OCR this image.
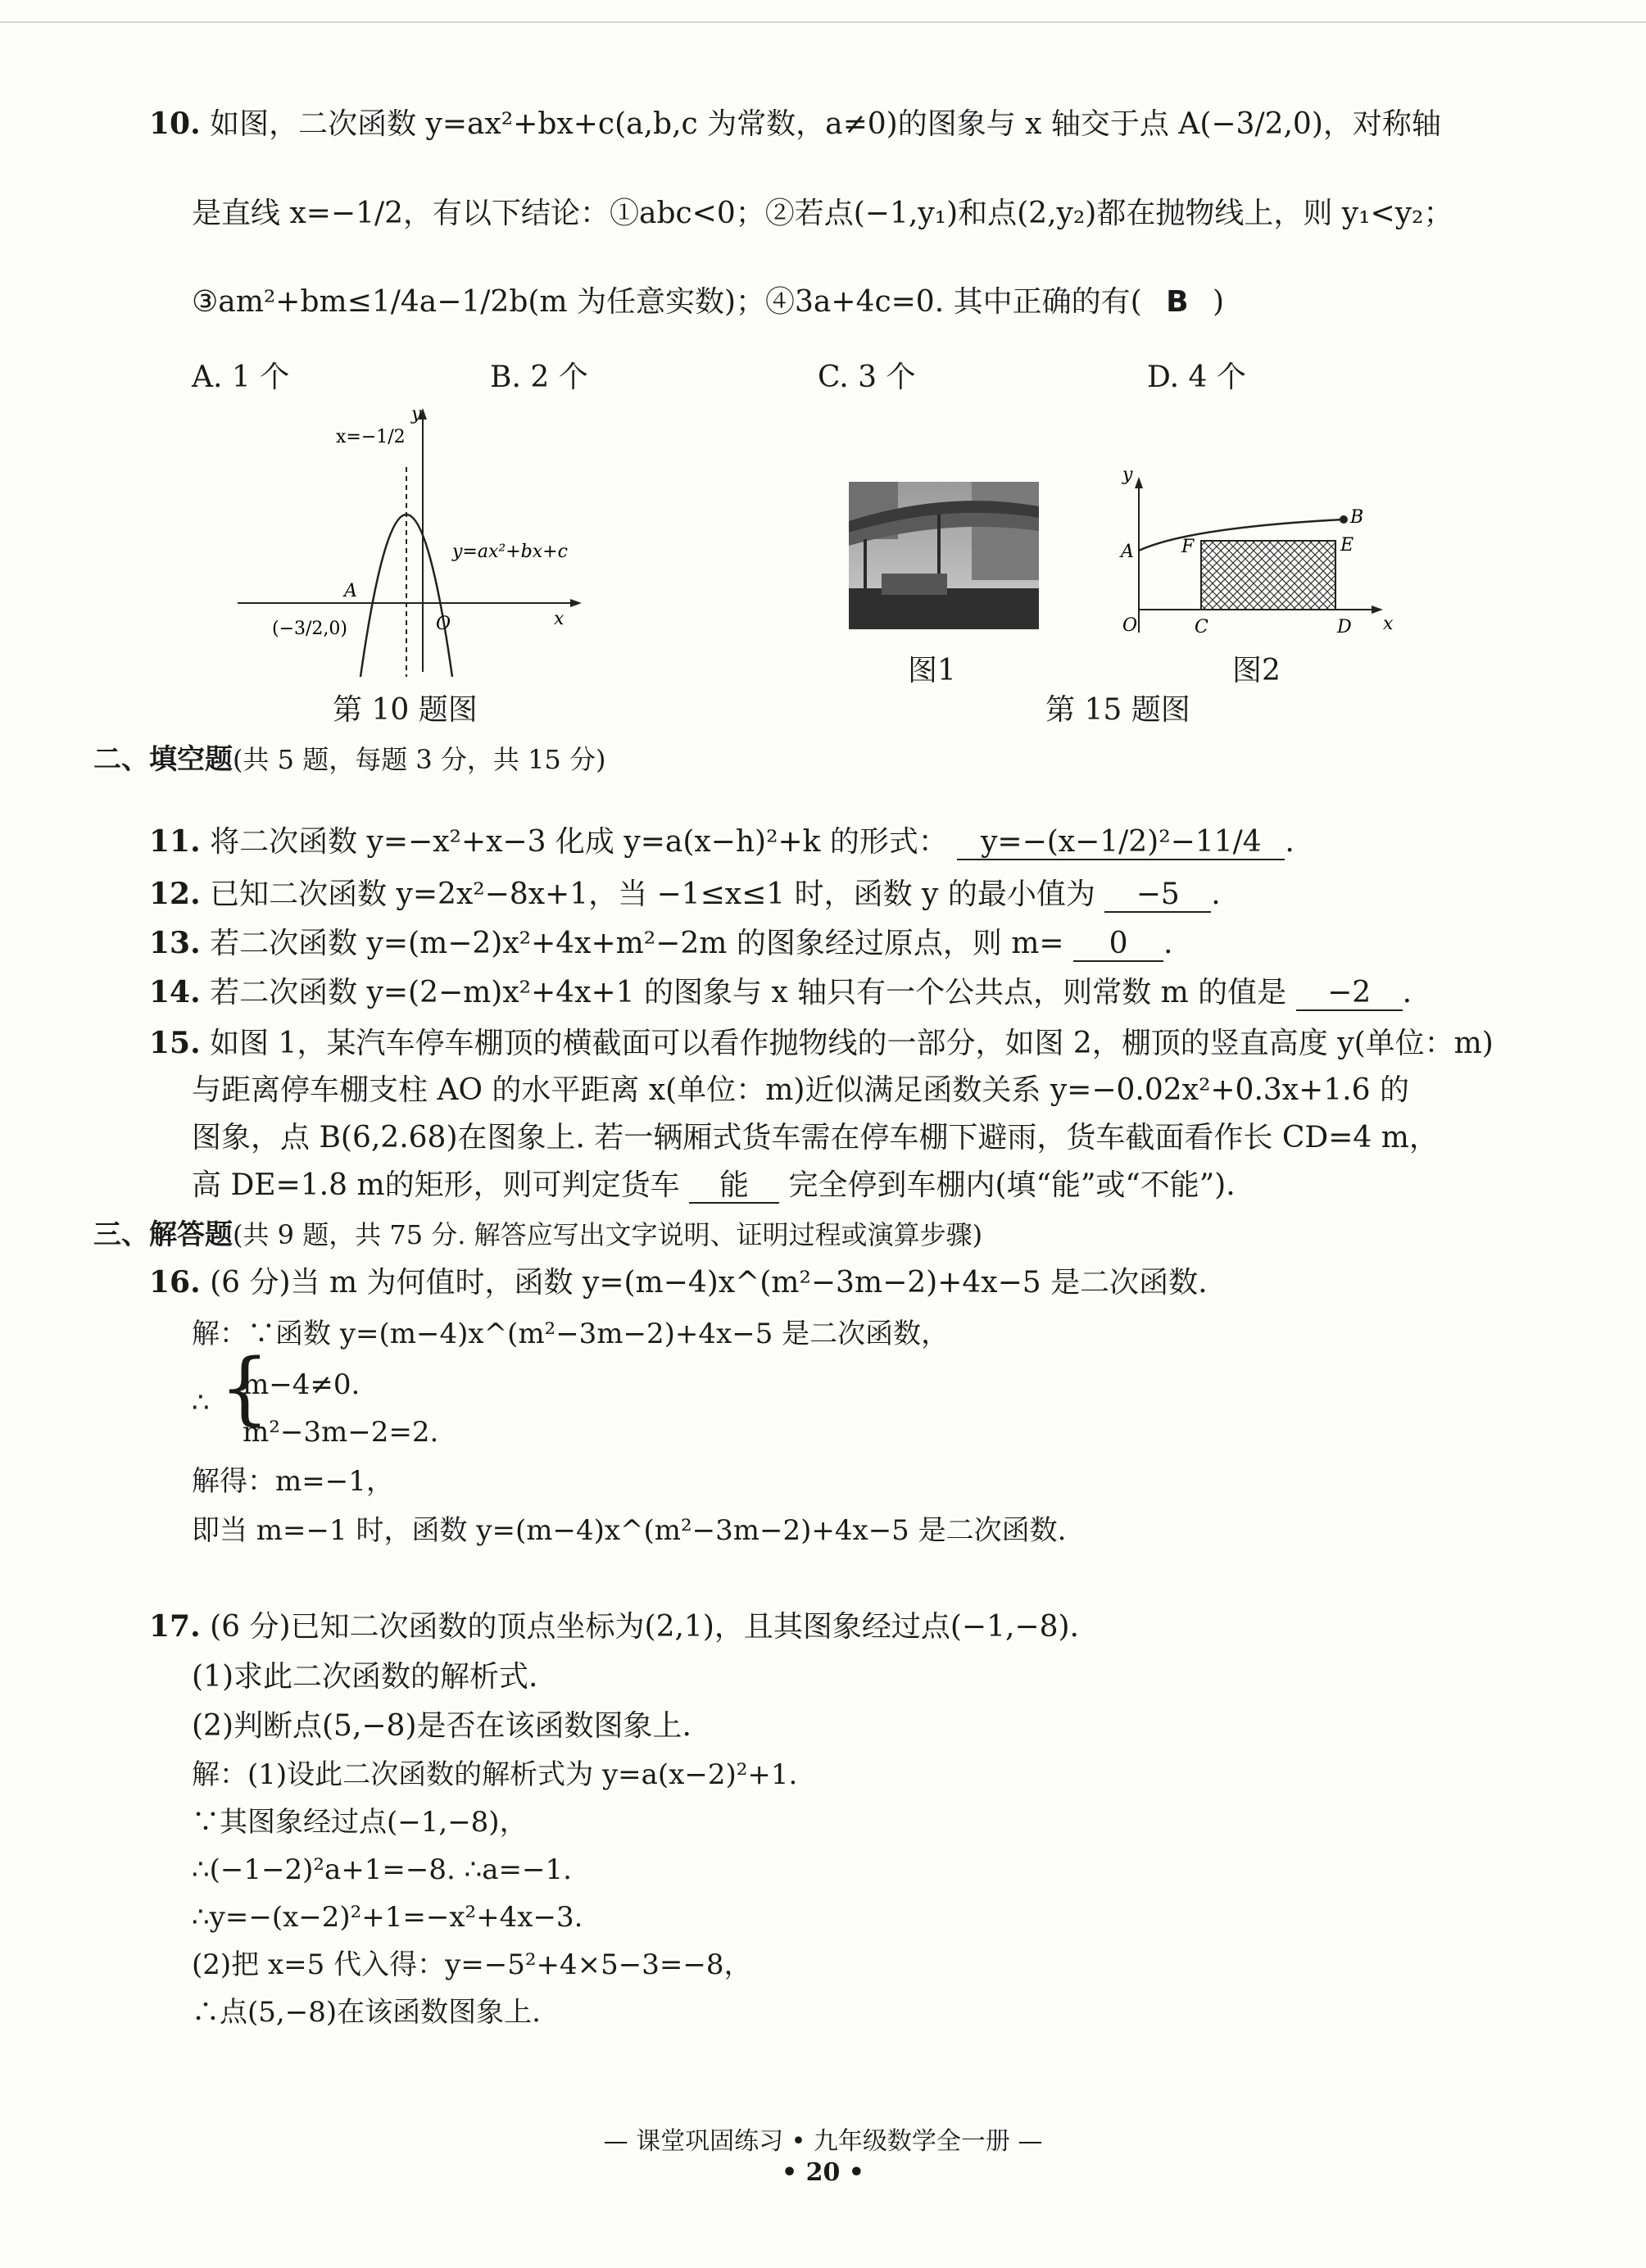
10. 如图，二次函数 y=ax²+bx+c(a,b,c 为常数，a≠0)的图象与 x 轴交于点 A(−3/2,0)，对称轴
是直线 x=−1/2，有以下结论：①abc<0；②若点(−1,y₁)和点(2,y₂)都在抛物线上，则 y₁<y₂；
③am²+bm≤1/4a−1/2b(m 为任意实数)；④3a+4c=0. 其中正确的有( B )
A. 1 个	B. 2 个	C. 3 个	D. 4 个
x=−1/2
y=ax²+bx+c
A
O	x
y
(−3/2,0)
第 10 题图
图1
y
x
O
A
B
C	D
E
F
图2
第 15 题图
二、填空题(共 5 题，每题 3 分，共 15 分)
11. 将二次函数 y=−x²+x−3 化成 y=a(x−h)²+k 的形式： y=−(x−1/2)²−11/4 .
12. 已知二次函数 y=2x²−8x+1，当 −1≤x≤1 时，函数 y 的最小值为 −5 .
13. 若二次函数 y=(m−2)x²+4x+m²−2m 的图象经过原点，则 m= 0 .
14. 若二次函数 y=(2−m)x²+4x+1 的图象与 x 轴只有一个公共点，则常数 m 的值是 −2 .
15. 如图 1，某汽车停车棚顶的横截面可以看作抛物线的一部分，如图 2，棚顶的竖直高度 y(单位：m)
与距离停车棚支柱 AO 的水平距离 x(单位：m)近似满足函数关系 y=−0.02x²+0.3x+1.6 的
图象，点 B(6,2.68)在图象上. 若一辆厢式货车需在停车棚下避雨，货车截面看作长 CD=4 m，
高 DE=1.8 m的矩形，则可判定货车 能 完全停到车棚内(填“能”或“不能”).
三、解答题(共 9 题，共 75 分. 解答应写出文字说明、证明过程或演算步骤)
16. (6 分)当 m 为何值时，函数 y=(m−4)x^(m²−3m−2)+4x−5 是二次函数.
解：∵函数 y=(m−4)x^(m²−3m−2)+4x−5 是二次函数，
∴ {
m−4≠0.
m²−3m−2=2.
解得：m=−1，
即当 m=−1 时，函数 y=(m−4)x^(m²−3m−2)+4x−5 是二次函数.
17. (6 分)已知二次函数的顶点坐标为(2,1)，且其图象经过点(−1,−8).
(1)求此二次函数的解析式.
(2)判断点(5,−8)是否在该函数图象上.
解：(1)设此二次函数的解析式为 y=a(x−2)²+1.
∵其图象经过点(−1,−8)，
∴(−1−2)²a+1=−8. ∴a=−1.
∴y=−(x−2)²+1=−x²+4x−3.
(2)把 x=5 代入得：y=−5²+4×5−3=−8，
∴点(5,−8)在该函数图象上.
— 课堂巩固练习 • 九年级数学全一册 —
• 20 •
